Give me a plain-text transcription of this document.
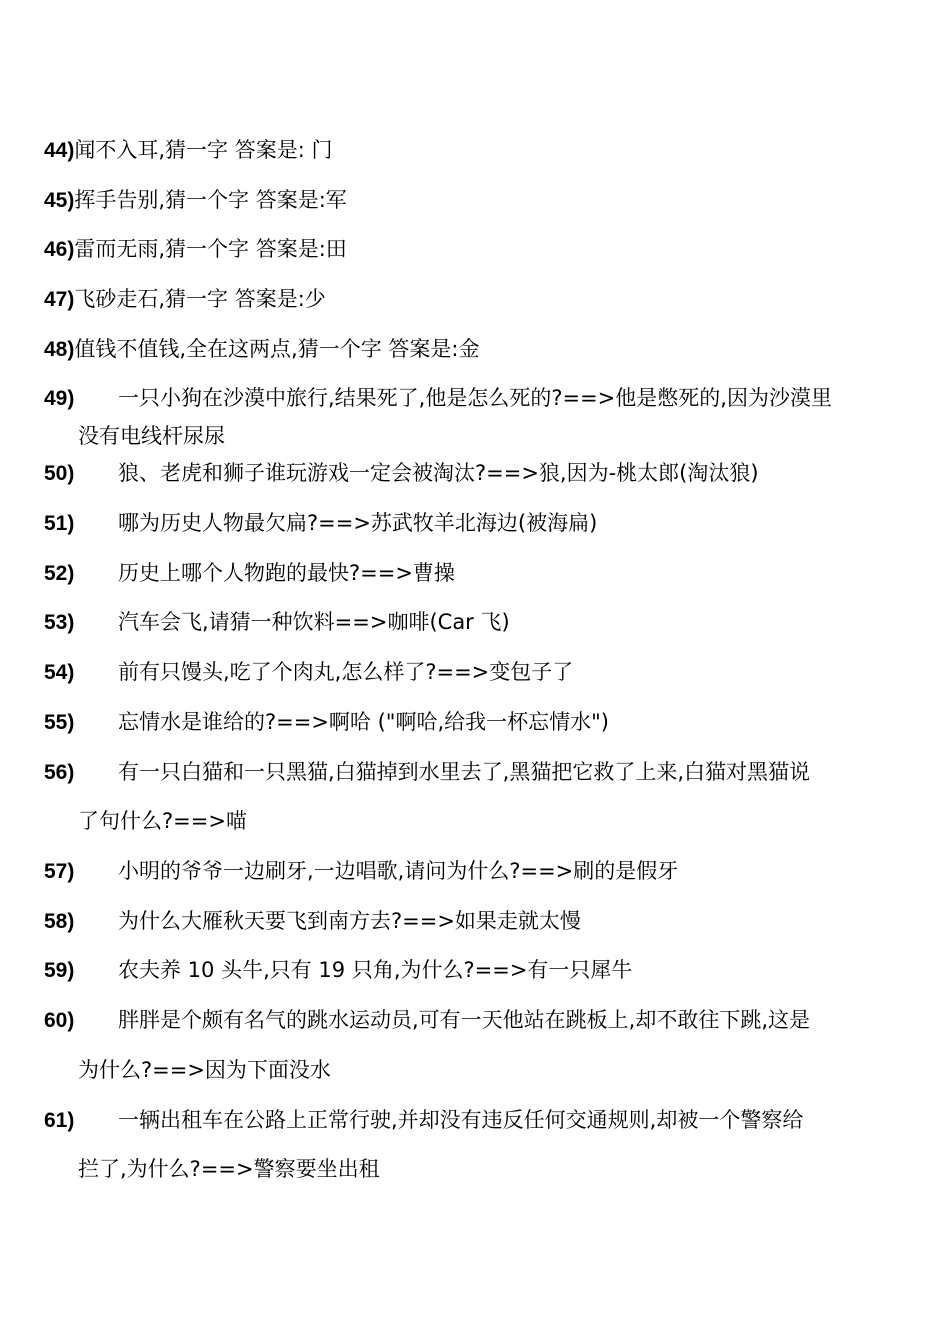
44)闻不入耳,猜一字 答案是: 门
45)挥手告别,猜一个字 答案是:军
46)雷而无雨,猜一个字 答案是:田
47)飞砂走石,猜一字 答案是:少
48)值钱不值钱,全在这两点,猜一个字 答案是:金
49) 一只小狗在沙漠中旅行,结果死了,他是怎么死的?==>他是憋死的,因为沙漠里
没有电线杆尿尿
50) 狼、老虎和狮子谁玩游戏一定会被淘汰?==>狼,因为-桃太郎(淘汰狼)
51) 哪为历史人物最欠扁?==>苏武牧羊北海边(被海扁)
52) 历史上哪个人物跑的最快?==>曹操
53) 汽车会飞,请猜一种饮料==>咖啡(Car 飞)
54) 前有只馒头,吃了个肉丸,怎么样了?==>变包子了
55) 忘情水是谁给的?==>啊哈 ("啊哈,给我一杯忘情水")
56) 有一只白猫和一只黑猫,白猫掉到水里去了,黑猫把它救了上来,白猫对黑猫说
了句什么?==>喵
57) 小明的爷爷一边刷牙,一边唱歌,请问为什么?==>刷的是假牙
58) 为什么大雁秋天要飞到南方去?==>如果走就太慢
59) 农夫养 10 头牛,只有 19 只角,为什么?==>有一只犀牛
60) 胖胖是个颇有名气的跳水运动员,可有一天他站在跳板上,却不敢往下跳,这是
为什么?==>因为下面没水
61) 一辆出租车在公路上正常行驶,并却没有违反任何交通规则,却被一个警察给
拦了,为什么?==>警察要坐出租
